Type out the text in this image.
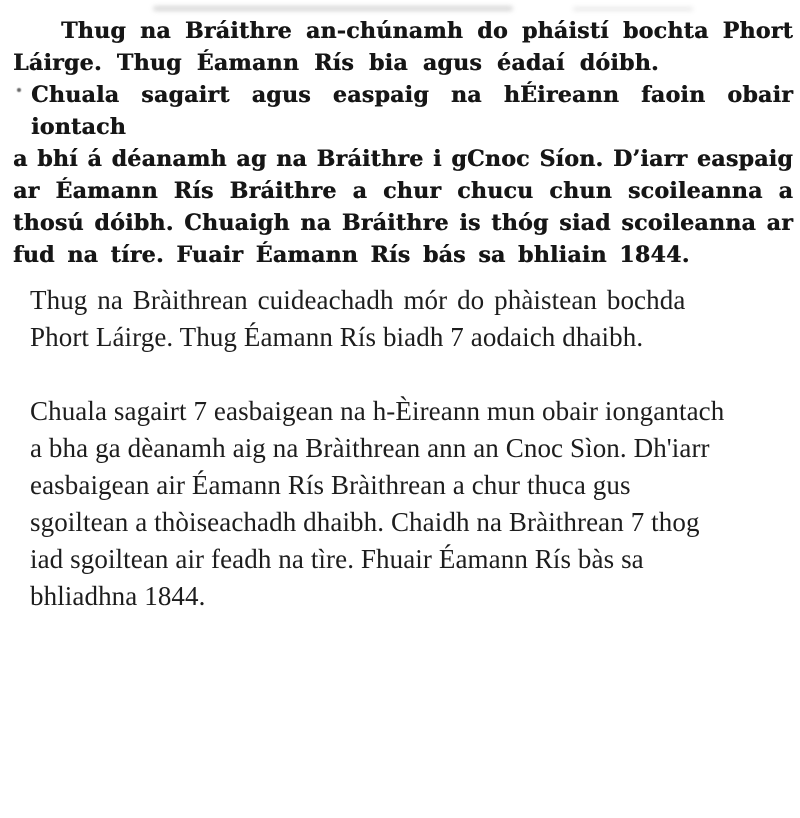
Thug na Bráithre an-chúnamh do pháistí bochta Phort
Láirge. Thug Éamann Rís bia agus éadaí dóibh.
Chuala sagairt agus easpaig na hÉireann faoin obair iontach
a bhí á déanamh ag na Bráithre i gCnoc Síon. D’iarr easpaig
ar Éamann Rís Bráithre a chur chucu chun scoileanna a
thosú dóibh. Chuaigh na Bráithre is thóg siad scoileanna ar
fud na tíre. Fuair Éamann Rís bás sa bhliain 1844.
Thug na Bràithrean cuideachadh mór do phàistean bochda
Phort Láirge. Thug Éamann Rís biadh 7 aodaich dhaibh.
Chuala sagairt 7 easbaigean na h-Èireann mun obair iongantach
a bha ga dèanamh aig na Bràithrean ann an Cnoc Sìon. Dh'iarr
easbaigean air Éamann Rís Bràithrean a chur thuca gus
sgoiltean a thòiseachadh dhaibh. Chaidh na Bràithrean 7 thog
iad sgoiltean air feadh na tìre. Fhuair Éamann Rís bàs sa
bhliadhna 1844.
